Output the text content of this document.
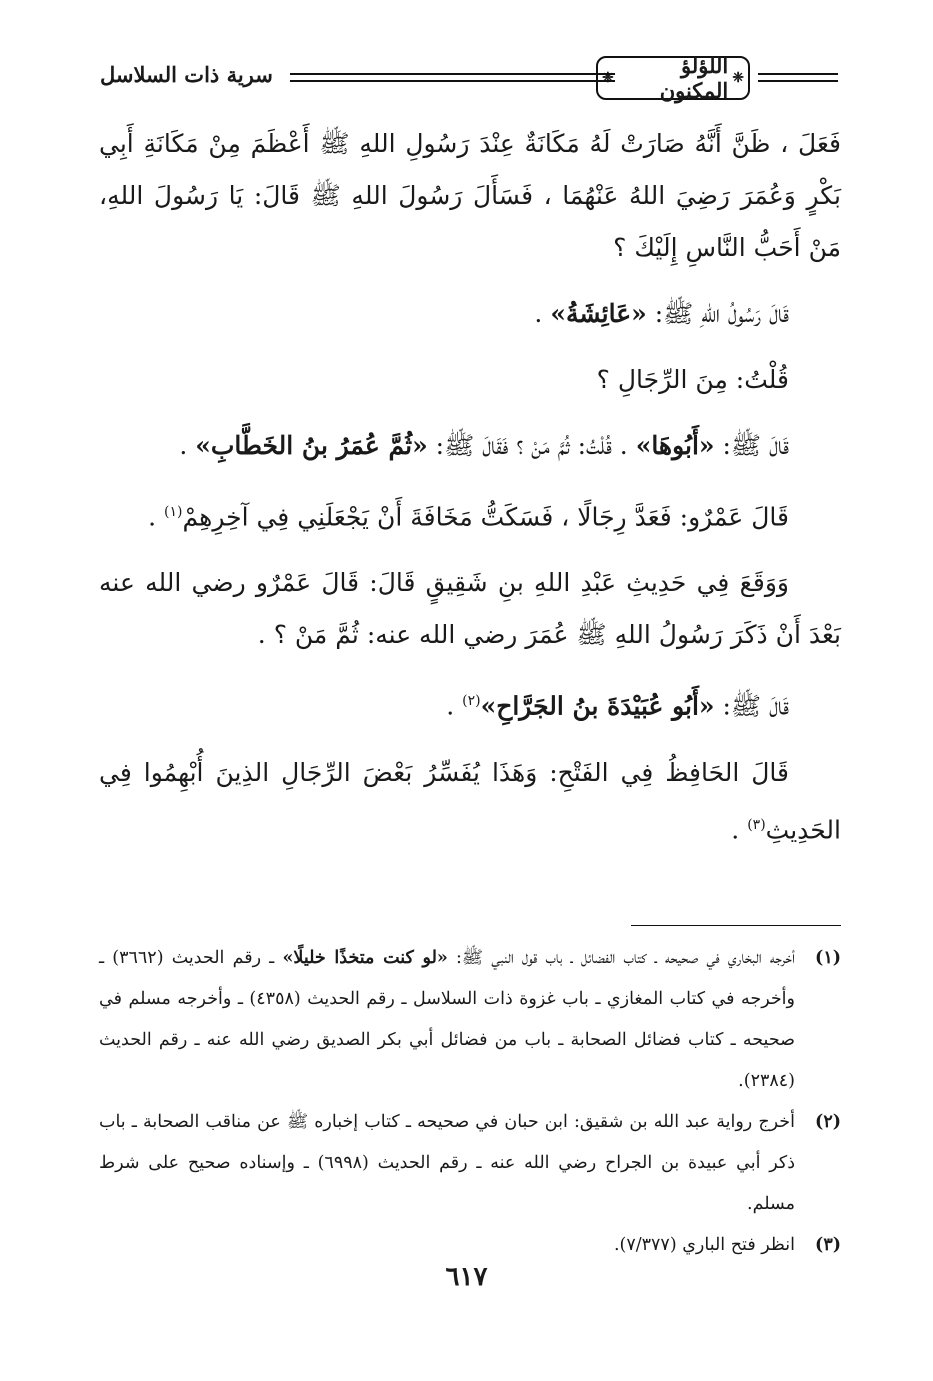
❈
اللؤلؤ المكنون
❈
سرية ذات السلاسل

فَعَلَ ، ظَنَّ أَنَّهُ صَارَتْ لَهُ مَكَانَةٌ عِنْدَ رَسُولِ اللهِ ﷺ أَعْظَمَ مِنْ مَكَانَةِ أَبِي بَكْرٍ وَعُمَرَ رَضِيَ اللهُ عَنْهُمَا ، فَسَأَلَ رَسُولَ اللهِ ﷺ قَالَ: يَا رَسُولَ اللهِ، مَنْ أَحَبُّ النَّاسِ إِلَيْكَ ؟

قَالَ رَسُولُ اللهِ ﷺ: «عَائِشَةُ» .

قُلْتُ: مِنَ الرِّجَالِ ؟

قَالَ ﷺ: «أَبُوهَا» . قُلْتُ: ثُمَّ مَنْ ؟ فَقَالَ ﷺ: «ثُمَّ عُمَرُ بنُ الخَطَّابِ» .

قَالَ عَمْرٌو: فَعَدَّ رِجَالًا ، فَسَكَتُّ مَخَافَةَ أَنْ يَجْعَلَنِي فِي آخِرِهِمْ$^{(١)}$ .

وَوَقَعَ فِي حَدِيثِ عَبْدِ اللهِ بنِ شَقِيقٍ قَالَ: قَالَ عَمْرٌو رضي الله عنه بَعْدَ أَنْ ذَكَرَ رَسُولُ اللهِ ﷺ عُمَرَ رضي الله عنه: ثُمَّ مَنْ ؟ .

قَالَ ﷺ: «أَبُو عُبَيْدَةَ بنُ الجَرَّاحِ»$^{(٢)}$ .

قَالَ الحَافِظُ فِي الفَتْحِ: وَهَذَا يُفَسِّرُ بَعْضَ الرِّجَالِ الذِينَ أُبْهِمُوا فِي الحَدِيثِ$^{(٣)}$ .

(١)
أخرجه البخاري في صحيحه ـ كتاب الفضائل ـ باب قول النبي ﷺ: «لو كنت متخذًا خليلًا» ـ رقم الحديث (٣٦٦٢) ـ وأخرجه في كتاب المغازي ـ باب غزوة ذات السلاسل ـ رقم الحديث (٤٣٥٨) ـ وأخرجه مسلم في صحيحه ـ كتاب فضائل الصحابة ـ باب من فضائل أبي بكر الصديق رضي الله عنه ـ رقم الحديث (٢٣٨٤).
(٢)
أخرج رواية عبد الله بن شقيق: ابن حبان في صحيحه ـ كتاب إخباره ﷺ عن مناقب الصحابة ـ باب ذكر أبي عبيدة بن الجراح رضي الله عنه ـ رقم الحديث (٦٩٩٨) ـ وإسناده صحيح على شرط مسلم.
(٣)
انظر فتح الباري (٧/٣٧٧).
٦١٧
